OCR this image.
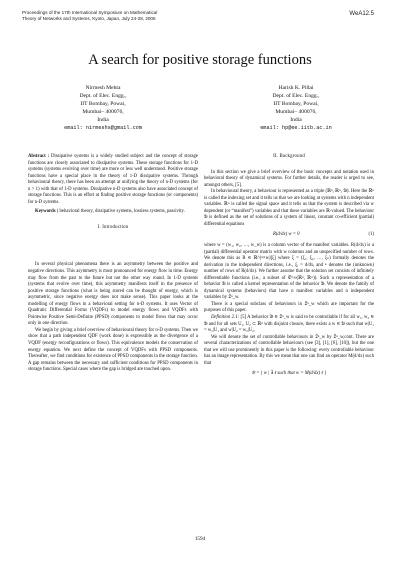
Proceedings of the 17th International Symposium on Mathematical
Theory of Networks and Systems, Kyoto, Japan, July 24-28, 2006
WeA12.5
A search for positive storage functions
Nirmesh Mehta
Dept. of Elec. Engg.,
IIT Bombay, Powai,
Mumbai– 400076,
India
email: nirmeshs@gmail.com
Harish K. Pillai
Dept. of Elec. Engg.,
IIT Bombay, Powai,
Mumbai– 400076,
India
email: hp@ee.iitb.ac.in

Abstract : Dissipative systems is a widely studied subject and the concept of storage functions are closely associated to dissipative systems. These storage functions for 1-D systems (systems evolving over time) are more or less well understood. Positive storage functions have a special place in the theory of 1-D dissipative systems. Through behavioural theory, there has been an attempt at unifying the theory of n-D systems (for n > 1) with that of 1-D systems. Dissipative n-D systems also have associated concept of storage functions. This is an effort at finding positive storage functions (or components) for n-D systems.

Keywords ( behavioral theory, dissipative systems, lossless systems, passivity.

I. Introduction

In several physical phenomena there is an asymmetry between the positive and negative directions. This asymmetry is most pronounced for energy flow in time. Energy may flow from the past to the future but not the other way round. In 1-D systems (systems that evolve over time), this asymmetry manifests itself in the presence of positive storage functions (what is being stored can be thought of energy, which is asymmetric, since negative energy does not make sense). This paper looks at the modelling of energy flows in a behavioral setting for n-D systems. It uses Vector of Quadratic Differential Forms (VQDFs) to model energy flows and VQDFs with Pointwise Positive Semi-Definite (PPSD) components to model flows that may occur only in one direction.

We begin by giving a brief overview of behavioural theory for n-D systems. Then we show that a path independent QDF (work done) is expressible as the divergence of a VQDF (energy reconfigurations or flows). This equivalence models the conservation of energy equation. We next define the concept of VQDFs with PPSD components. Thereafter, we find conditions for existence of PPSD components in the storage function. A gap remains between the necessary and sufficient conditions for PPSD components in storage functions. Special cases where the gap is bridged are touched upon.

II. Background

In this section we give a brief overview of the basic concepts and notation used in behavioral theory of dynamical systems. For further details, the reader is urged to see, amongst others, [5].

In behavioural theory, a behaviour is represented as a triple (ℝⁿ, ℝʷ, 𝔅). Here the ℝⁿ is called the indexing set and it tells us that we are looking at systems with n independent variables. ℝʷ is called the signal space and it tells us that the system is described via w dependent (or “manifest”) variables and that these variables are ℝ-valued. The behaviour 𝔅 is defined as the set of solutions of a system of linear, constant co-efficient (partial) differential equations

R(d/dx) w = 0	(1)

where w = (w₁, w₂, …, w_w) is a column vector of the manifest variables. R(d/dx) is a (partial) differential operator matrix with w columns and an unspecified number of rows. We denote this as R ∈ ℝ^(•×w)[ξ] where ξ = (ξ₁, ξ₂, …, ξₙ) formally denotes the derivation in the independent directions, i.e., ξᵢ = d/dxᵢ and • denotes the (unknown) number of rows of R(d/dx). We further assume that the solution set consists of infinitely differentiable functions (i.e., a subset of 𝔈^∞(ℝⁿ, ℝʷ)). Such a representation of a behavior 𝔅 is called a kernel representation of the behavior 𝔅. We denote the family of dynamical systems (behaviors) that have n manifest variables and n independent variables by 𝔏ⁿ_w.

There is a special subclass of behaviours in 𝔏ⁿ_w which are important for the purposes of this paper.

Definition 2.1: [5] A behavior 𝔅 ∈ 𝔏ⁿ_w is said to be controllable if for all w₁, w₂ ∈ 𝔅 and for all sets U₁, U₂ ⊂ ℝⁿ with disjoint closure, there exists a w ∈ 𝔅 such that w|U₁ = w₁|U₁ and w|U₂ = w₂|U₂.

We will denote the set of controllable behaviours in 𝔏ⁿ_w by 𝔏ⁿ_w,cont. There are several characterizations of controllable behaviours (see [3], [1], [6], [10]), but the one that we will use prominently in this paper is the following: every controllable behaviour has an image representation. By this we mean that one can find an operator M(d/dx) such that

𝔅 = { w | ∃ ℓ such that w = M(d/dx) ℓ }
1594
